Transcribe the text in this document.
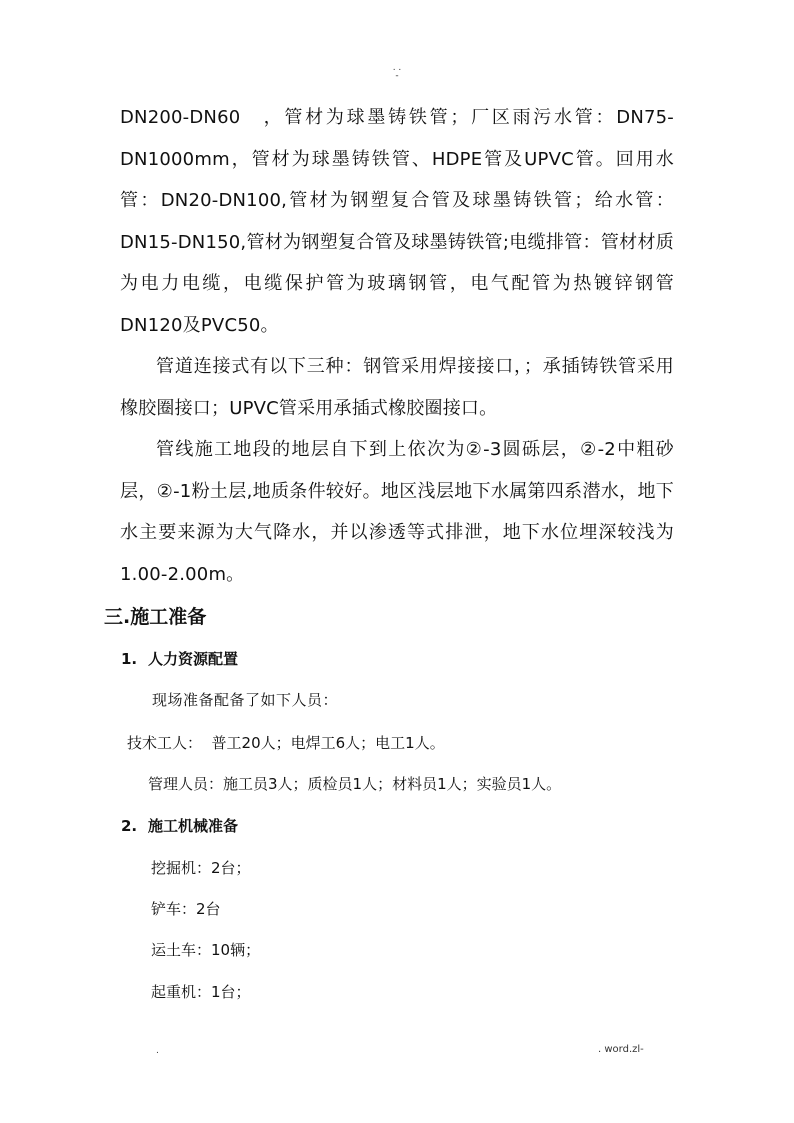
. .
-
DN200-DN60　，管材为球墨铸铁管；厂区雨污水管：DN75-DN1000mm，管材为球墨铸铁管、HDPE管及UPVC管。回用水管：DN20-DN100,管材为钢塑复合管及球墨铸铁管；给水管：DN15-DN150,管材为钢塑复合管及球墨铸铁管;电缆排管：管材材质为电力电缆，电缆保护管为玻璃钢管，电气配管为热镀锌钢管DN120及PVC50。
管道连接式有以下三种：钢管采用焊接接口，；承插铸铁管采用橡胶圈接口；UPVC管采用承插式橡胶圈接口。
管线施工地段的地层自下到上依次为②-3圆砾层，②-2中粗砂层，②-1粉土层,地质条件较好。地区浅层地下水属第四系潜水，地下水主要来源为大气降水，并以渗透等式排泄，地下水位埋深较浅为1.00-2.00m。
三.施工准备
1. 人力资源配置
现场准备配备了如下人员：
技术工人：  普工20人；电焊工6人；电工1人。
管理人员：施工员3人；质检员1人；材料员1人；实验员1人。
2. 施工机械准备
挖掘机：2台；
铲车：2台
运土车：10辆；
起重机：1台；
.	. word.zl-
